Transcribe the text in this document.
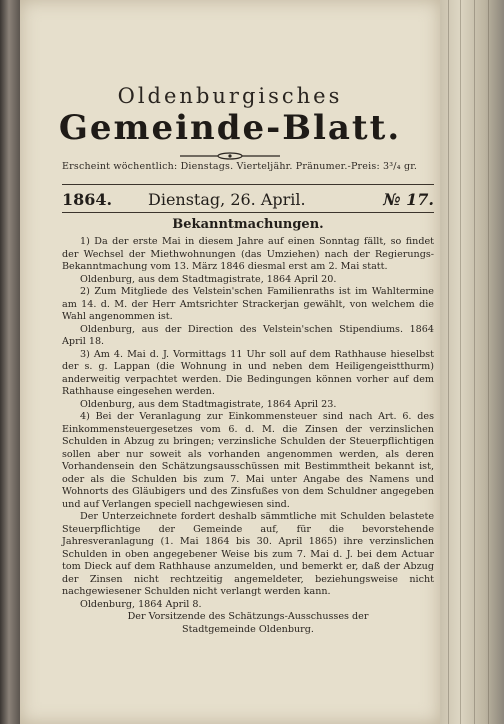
Oldenburgisches
Gemeinde-Blatt.
Erscheint wöchentlich: Dienstags. Vierteljähr. Pränumer.-Preis: 3³/₄ gr.
1864. Dienstag, 26. April.	№ 17.
Bekanntmachungen.

1) Da der erste Mai in diesem Jahre auf einen Sonntag fällt, so findet der Wechsel der Miethwohnungen (das Umziehen) nach der Regierungs-Bekanntmachung vom 13. März 1846 diesmal erst am 2. Mai statt.

Oldenburg, aus dem Stadtmagistrate, 1864 April 20.

2) Zum Mitgliede des Velstein'schen Familienraths ist im Wahltermine am 14. d. M. der Herr Amtsrichter Strackerjan gewählt, von welchem die Wahl angenommen ist.

Oldenburg, aus der Direction des Velstein'schen Stipendiums. 1864 April 18.

3) Am 4. Mai d. J. Vormittags 11 Uhr soll auf dem Rathhause hieselbst der s. g. Lappan (die Wohnung in und neben dem Heiligengeistthurm) anderweitig verpachtet werden. Die Bedingungen können vorher auf dem Rathhause eingesehen werden.

Oldenburg, aus dem Stadtmagistrate, 1864 April 23.

4) Bei der Veranlagung zur Einkommensteuer sind nach Art. 6. des Einkommensteuergesetzes vom 6. d. M. die Zinsen der verzinslichen Schulden in Abzug zu bringen; verzinsliche Schulden der Steuerpflichtigen sollen aber nur soweit als vorhanden angenommen werden, als deren Vorhandensein den Schätzungsausschüssen mit Bestimmtheit bekannt ist, oder als die Schulden bis zum 7. Mai unter Angabe des Namens und Wohnorts des Gläubigers und des Zinsfußes von dem Schuldner angegeben und auf Verlangen speciell nachgewiesen sind.

Der Unterzeichnete fordert deshalb sämmtliche mit Schulden belastete Steuerpflichtige der Gemeinde auf, für die bevorstehende Jahresveranlagung (1. Mai 1864 bis 30. April 1865) ihre verzinslichen Schulden in oben angegebener Weise bis zum 7. Mai d. J. bei dem Actuar tom Dieck auf dem Rathhause anzumelden, und bemerkt er, daß der Abzug der Zinsen nicht rechtzeitig angemeldeter, beziehungsweise nicht nachgewiesener Schulden nicht verlangt werden kann.

Oldenburg, 1864 April 8.

Der Vorsitzende des Schätzungs-Ausschusses der

Stadtgemeinde Oldenburg.
